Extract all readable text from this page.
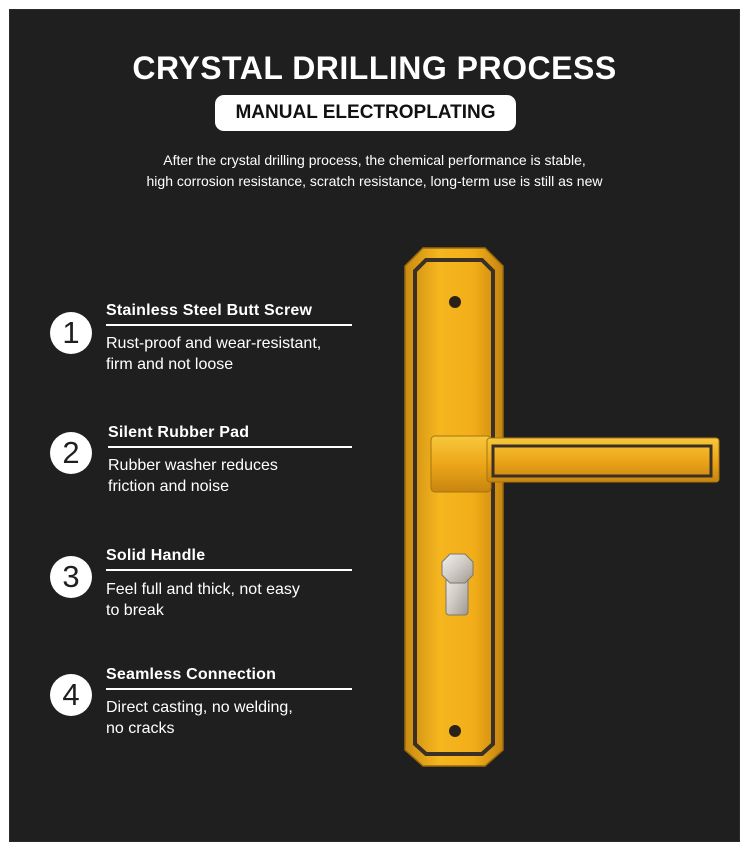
CRYSTAL DRILLING PROCESS
MANUAL ELECTROPLATING
After the crystal drilling process, the chemical performance is stable,
high corrosion resistance, scratch resistance, long-term use is still as new
1
Stainless Steel Butt Screw
Rust-proof and wear-resistant,
firm and not loose
2
Silent Rubber Pad
Rubber washer reduces
friction and noise
3
Solid Handle
Feel full and thick, not easy
to break
4
Seamless Connection
Direct casting, no welding,
no cracks
